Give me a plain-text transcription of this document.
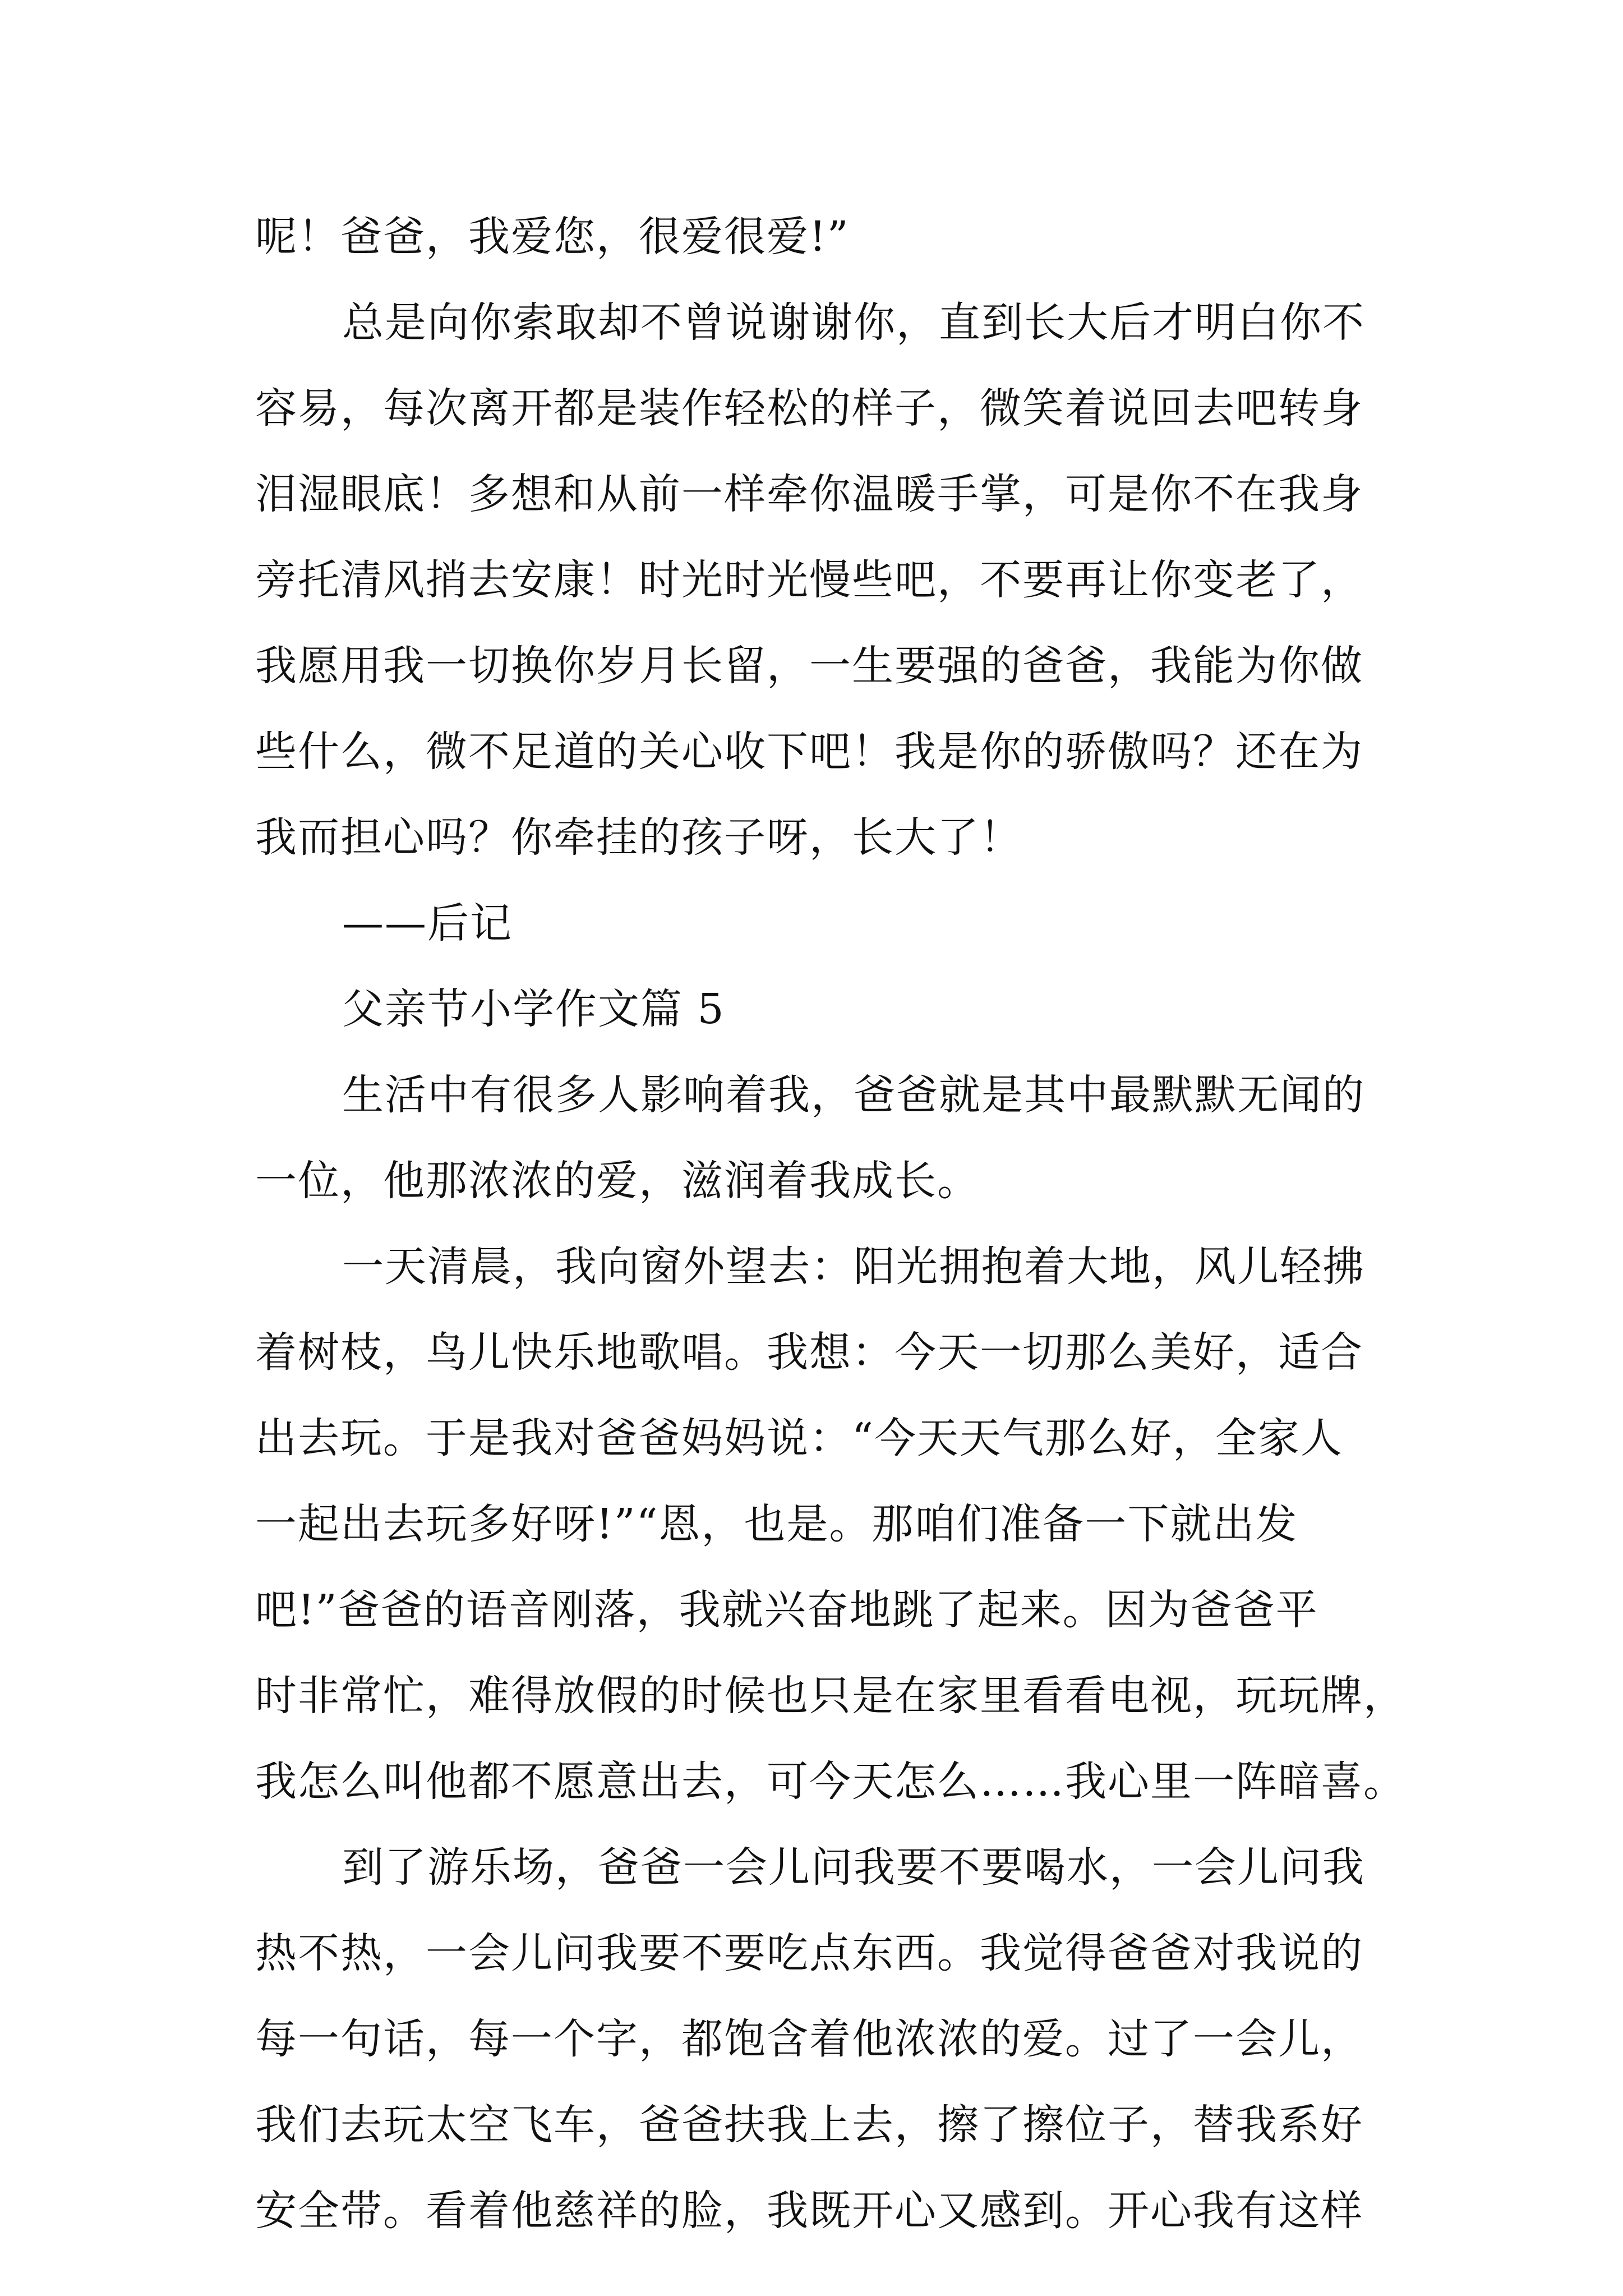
呢！爸爸，我爱您，很爱很爱!”
总是向你索取却不曾说谢谢你，直到长大后才明白你不
容易，每次离开都是装作轻松的样子，微笑着说回去吧转身
泪湿眼底！多想和从前一样牵你温暖手掌，可是你不在我身
旁托清风捎去安康！时光时光慢些吧，不要再让你变老了，
我愿用我一切换你岁月长留，一生要强的爸爸，我能为你做
些什么，微不足道的关心收下吧！我是你的骄傲吗？还在为
我而担心吗？你牵挂的孩子呀，长大了！
——后记
父亲节小学作文篇 5
生活中有很多人影响着我，爸爸就是其中最默默无闻的
一位，他那浓浓的爱，滋润着我成长。
一天清晨，我向窗外望去：阳光拥抱着大地，风儿轻拂
着树枝，鸟儿快乐地歌唱。我想：今天一切那么美好，适合
出去玩。于是我对爸爸妈妈说：“今天天气那么好，全家人
一起出去玩多好呀!”“恩，也是。那咱们准备一下就出发
吧!”爸爸的语音刚落，我就兴奋地跳了起来。因为爸爸平
时非常忙，难得放假的时候也只是在家里看看电视，玩玩牌，
我怎么叫他都不愿意出去，可今天怎么……我心里一阵暗喜。
到了游乐场，爸爸一会儿问我要不要喝水，一会儿问我
热不热，一会儿问我要不要吃点东西。我觉得爸爸对我说的
每一句话，每一个字，都饱含着他浓浓的爱。过了一会儿，
我们去玩太空飞车，爸爸扶我上去，擦了擦位子，替我系好
安全带。看着他慈祥的脸，我既开心又感到。开心我有这样
